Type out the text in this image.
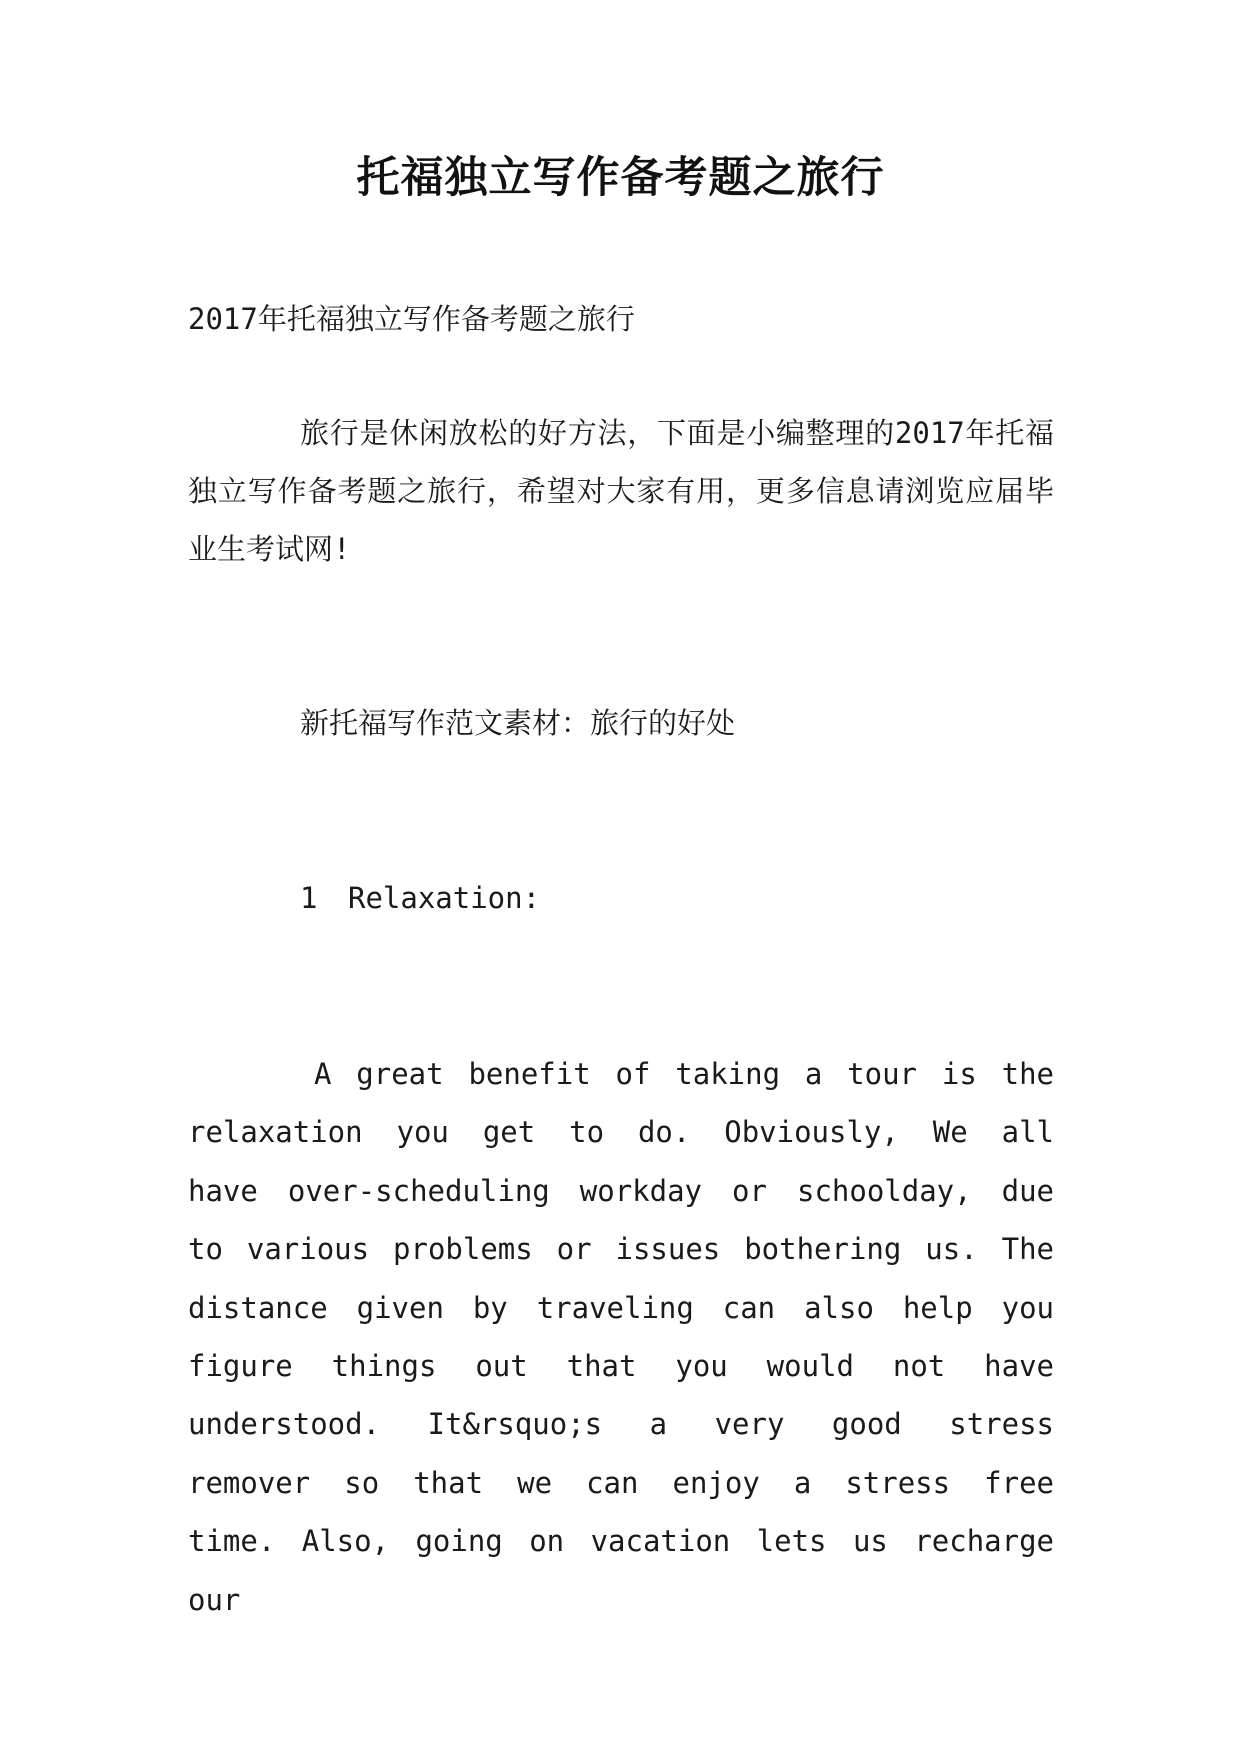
托福独立写作备考题之旅行

2017年托福独立写作备考题之旅行

旅行是休闲放松的好方法，下面是小编整理的2017年托福独立写作备考题之旅行，希望对大家有用，更多信息请浏览应届毕业生考试网!

新托福写作范文素材：旅行的好处

1 Relaxation:

A great benefit of taking a tour is the relaxation you get to do. Obviously, We all have over-scheduling workday or schoolday, due to various problems or issues bothering us. The distance given by traveling can also help you figure things out that you would not have understood. It&rsquo;s a very good stress remover so that we can enjoy a stress free time. Also, going on vacation lets us recharge our
